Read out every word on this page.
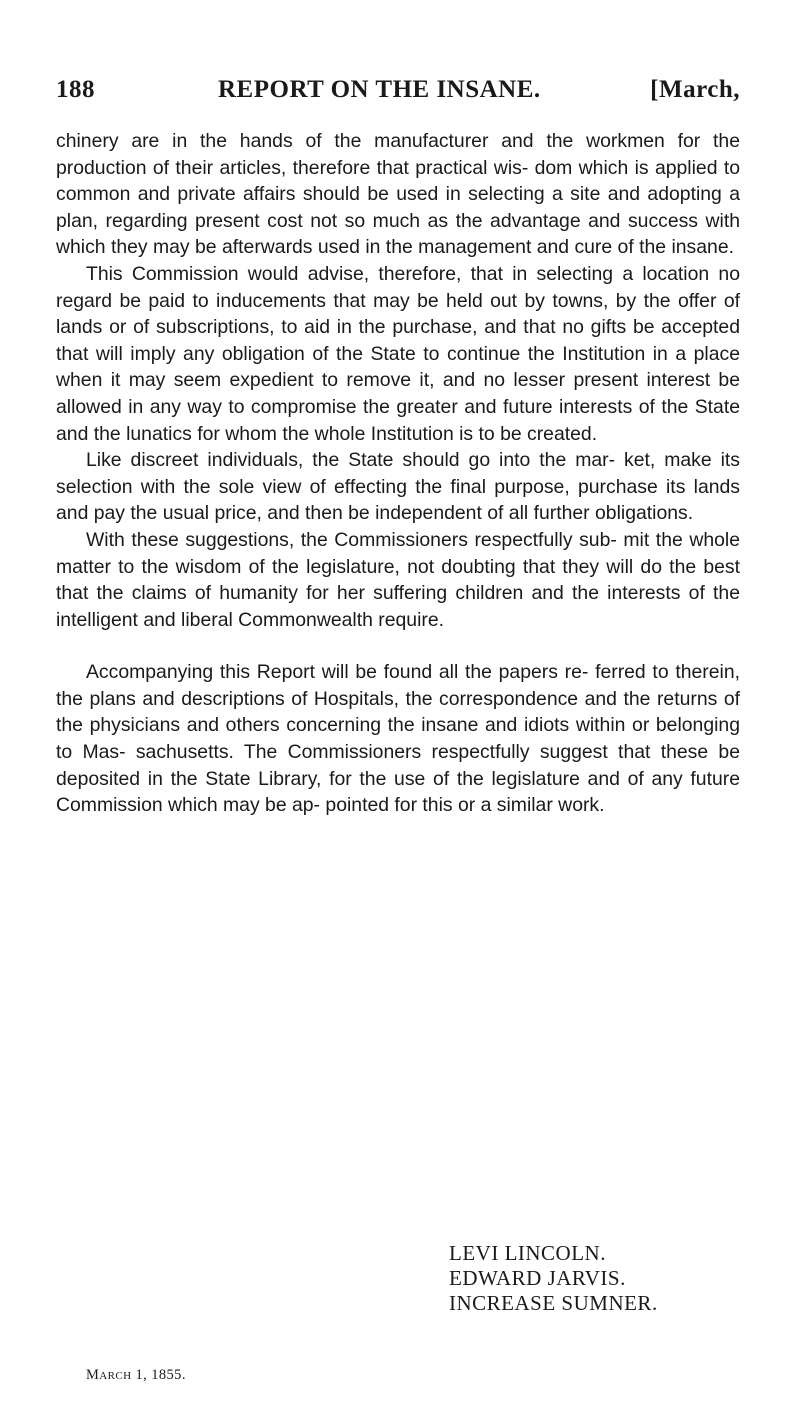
188	REPORT ON THE INSANE.	[March,

chinery are in the hands of the manufacturer and the workmen for the production of their articles, therefore that practical wis- dom which is applied to common and private affairs should be used in selecting a site and adopting a plan, regarding present cost not so much as the advantage and success with which they may be afterwards used in the management and cure of the insane.

This Commission would advise, therefore, that in selecting a location no regard be paid to inducements that may be held out by towns, by the offer of lands or of subscriptions, to aid in the purchase, and that no gifts be accepted that will imply any obligation of the State to continue the Institution in a place when it may seem expedient to remove it, and no lesser present interest be allowed in any way to compromise the greater and future interests of the State and the lunatics for whom the whole Institution is to be created.

Like discreet individuals, the State should go into the mar- ket, make its selection with the sole view of effecting the final purpose, purchase its lands and pay the usual price, and then be independent of all further obligations.

With these suggestions, the Commissioners respectfully sub- mit the whole matter to the wisdom of the legislature, not doubting that they will do the best that the claims of humanity for her suffering children and the interests of the intelligent and liberal Commonwealth require.

Accompanying this Report will be found all the papers re- ferred to therein, the plans and descriptions of Hospitals, the correspondence and the returns of the physicians and others concerning the insane and idiots within or belonging to Mas- sachusetts. The Commissioners respectfully suggest that these be deposited in the State Library, for the use of the legislature and of any future Commission which may be ap- pointed for this or a similar work.

LEVI LINCOLN.
EDWARD JARVIS.
INCREASE SUMNER.
MARCH 1, 1855.
